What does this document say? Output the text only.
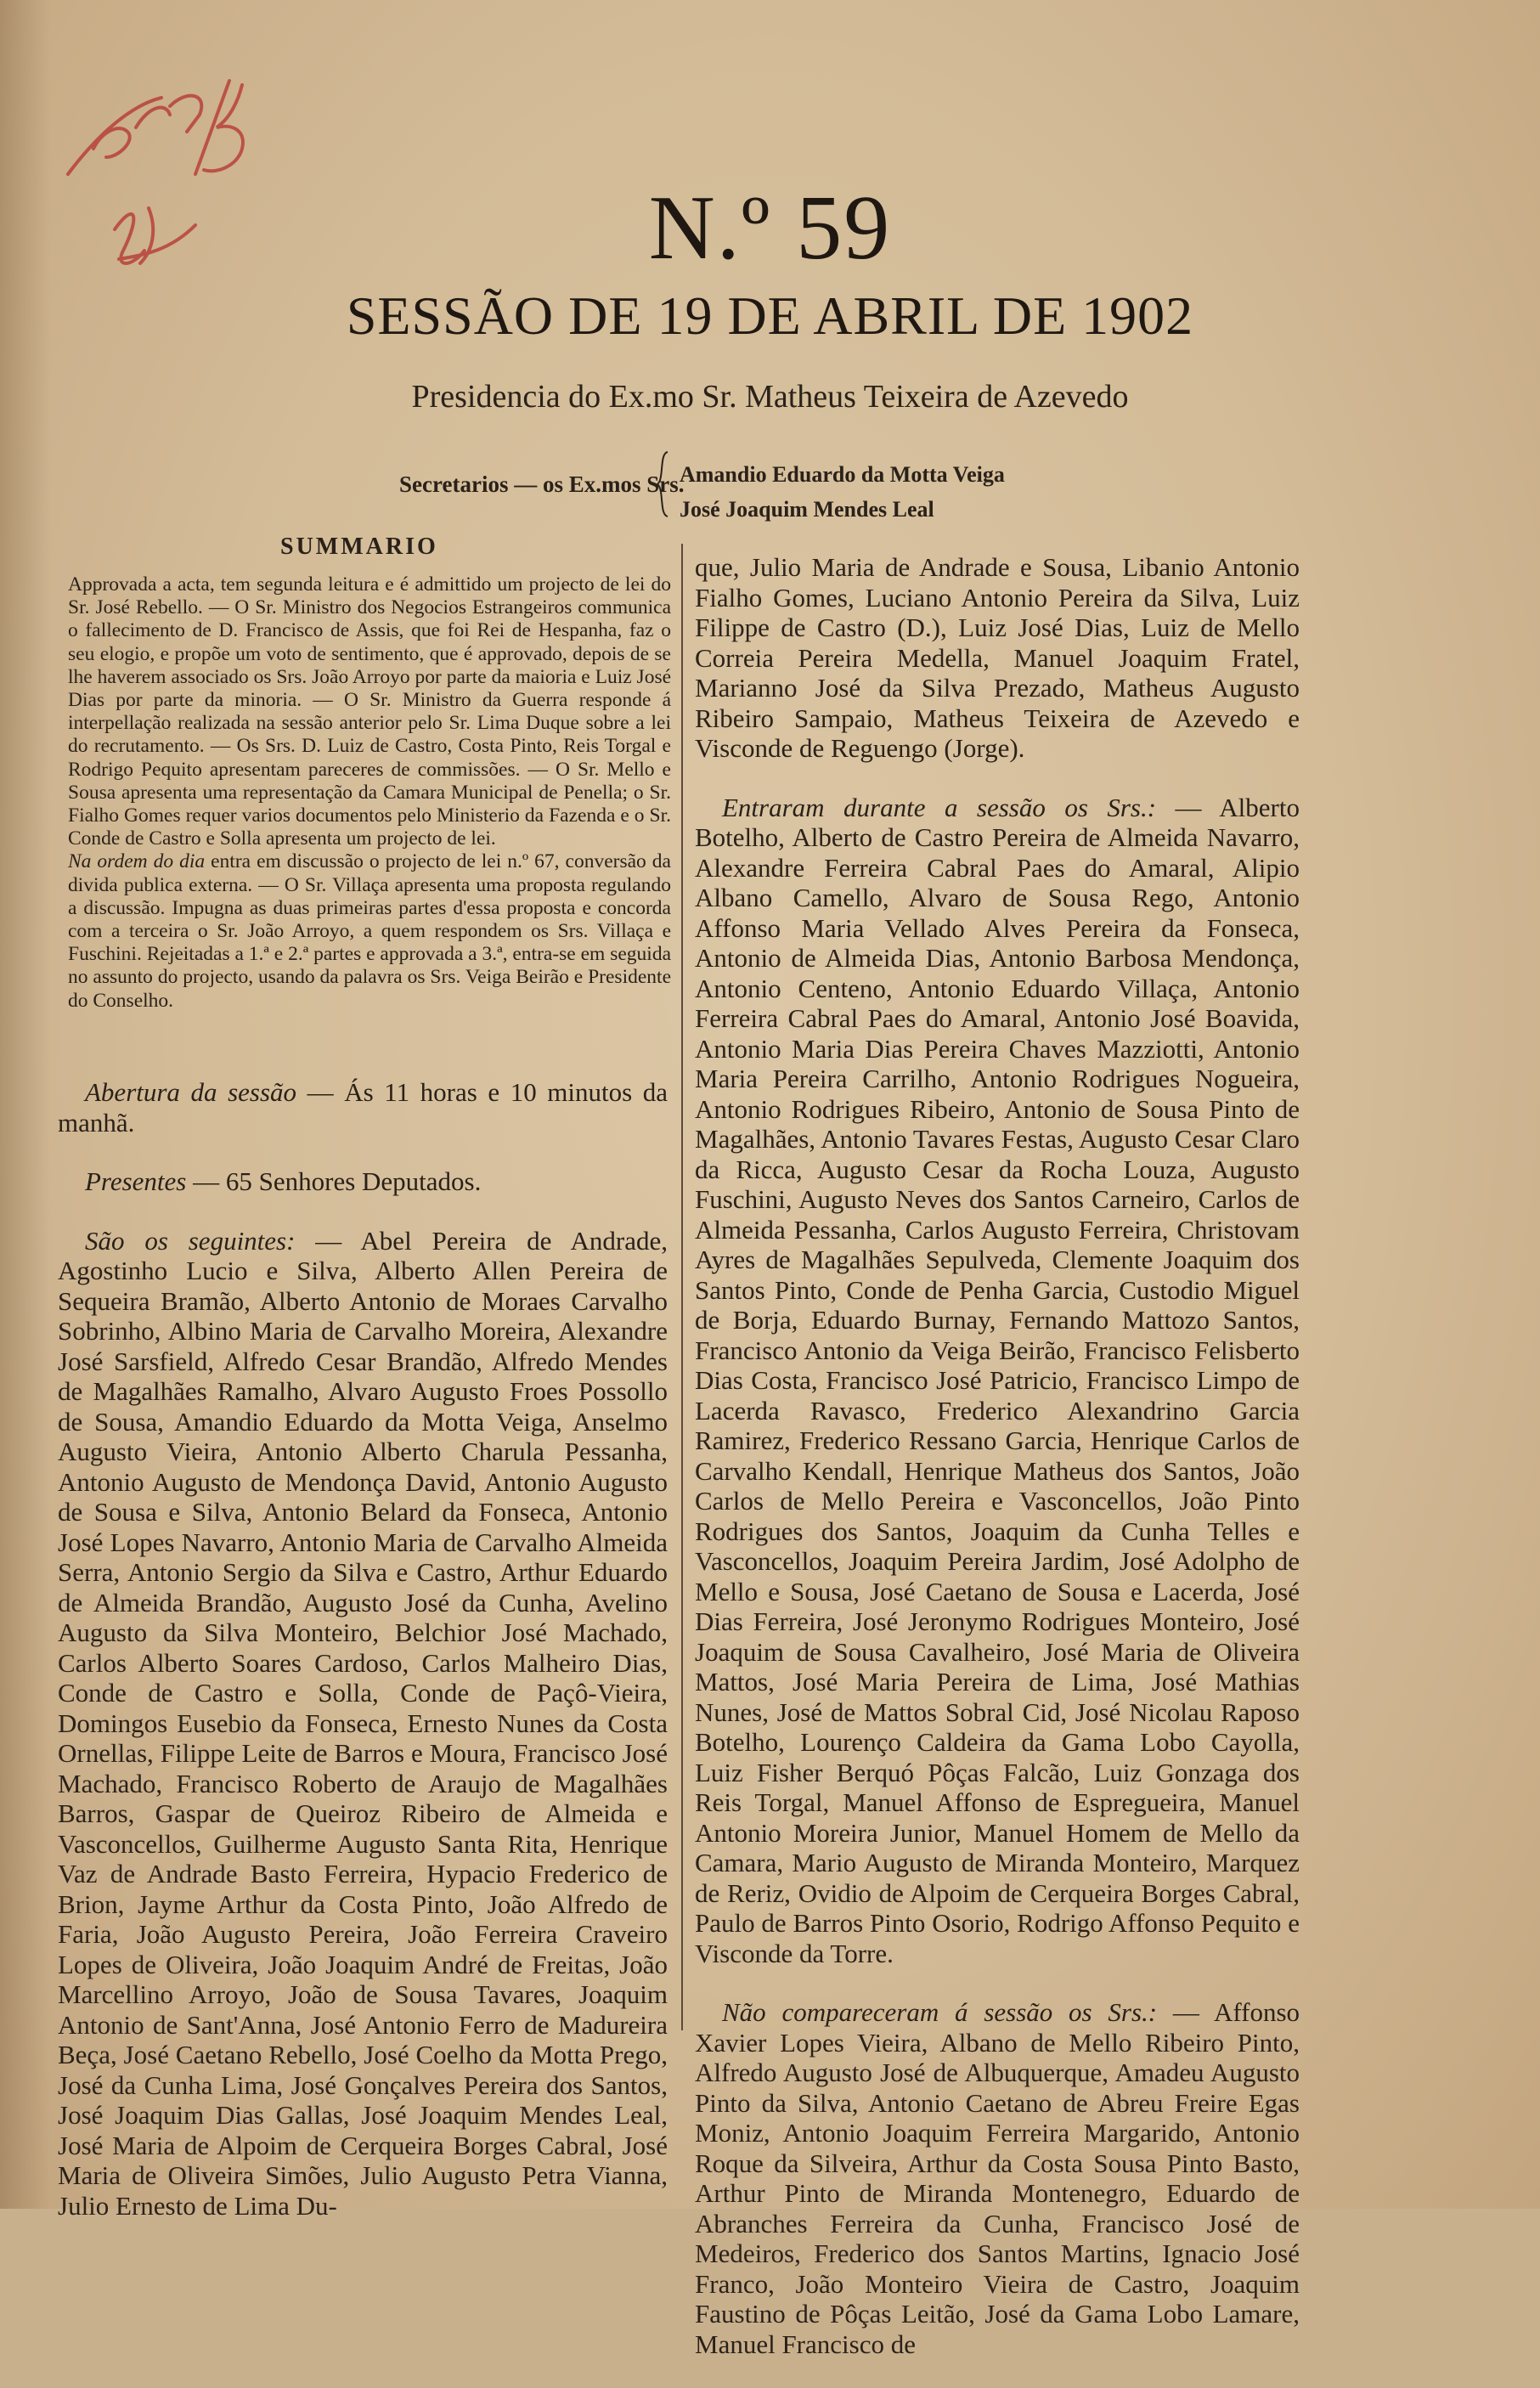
N.º 59
SESSÃO DE 19 DE ABRIL DE 1902
Presidencia do Ex.mo Sr. Matheus Teixeira de Azevedo
Secretarios — os Ex.mos Srs.
Amandio Eduardo da Motta Veiga
José Joaquim Mendes Leal
SUMMARIO

Approvada a acta, tem segunda leitura e é admittido um projecto de lei do Sr. José Rebello. — O Sr. Ministro dos Negocios Estrangeiros communica o fallecimento de D. Francisco de Assis, que foi Rei de Hespanha, faz o seu elogio, e propõe um voto de sentimento, que é approvado, depois de se lhe haverem associado os Srs. João Arroyo por parte da maioria e Luiz José Dias por parte da minoria. — O Sr. Ministro da Guerra responde á interpellação realizada na sessão anterior pelo Sr. Lima Duque sobre a lei do recrutamento. — Os Srs. D. Luiz de Castro, Costa Pinto, Reis Torgal e Rodrigo Pequito apresentam pareceres de commissões. — O Sr. Mello e Sousa apresenta uma representação da Camara Municipal de Penella; o Sr. Fialho Gomes requer varios documentos pelo Ministerio da Fazenda e o Sr. Conde de Castro e Solla apresenta um projecto de lei.

Na ordem do dia entra em discussão o projecto de lei n.º 67, conversão da divida publica externa. — O Sr. Villaça apresenta uma proposta regulando a discussão. Impugna as duas primeiras partes d'essa proposta e concorda com a terceira o Sr. João Arroyo, a quem respondem os Srs. Villaça e Fuschini. Rejeitadas a 1.ª e 2.ª partes e approvada a 3.ª, entra-se em seguida no assunto do projecto, usando da palavra os Srs. Veiga Beirão e Presidente do Conselho.

Abertura da sessão — Ás 11 horas e 10 minutos da manhã.

Presentes — 65 Senhores Deputados.

São os seguintes: — Abel Pereira de Andrade, Agostinho Lucio e Silva, Alberto Allen Pereira de Sequeira Bramão, Alberto Antonio de Moraes Carvalho Sobrinho, Albino Maria de Carvalho Moreira, Alexandre José Sarsfield, Alfredo Cesar Brandão, Alfredo Mendes de Magalhães Ramalho, Alvaro Augusto Froes Possollo de Sousa, Amandio Eduardo da Motta Veiga, Anselmo Augusto Vieira, Antonio Alberto Charula Pessanha, Antonio Augusto de Mendonça David, Antonio Augusto de Sousa e Silva, Antonio Belard da Fonseca, Antonio José Lopes Navarro, Antonio Maria de Carvalho Almeida Serra, Antonio Sergio da Silva e Castro, Arthur Eduardo de Almeida Brandão, Augusto José da Cunha, Avelino Augusto da Silva Monteiro, Belchior José Machado, Carlos Alberto Soares Cardoso, Carlos Malheiro Dias, Conde de Castro e Solla, Conde de Paçô-Vieira, Domingos Eusebio da Fonseca, Ernesto Nunes da Costa Ornellas, Filippe Leite de Barros e Moura, Francisco José Machado, Francisco Roberto de Araujo de Magalhães Barros, Gaspar de Queiroz Ribeiro de Almeida e Vasconcellos, Guilherme Augusto Santa Rita, Henrique Vaz de Andrade Basto Ferreira, Hypacio Frederico de Brion, Jayme Arthur da Costa Pinto, João Alfredo de Faria, João Augusto Pereira, João Ferreira Craveiro Lopes de Oliveira, João Joaquim André de Freitas, João Marcellino Arroyo, João de Sousa Tavares, Joaquim Antonio de Sant'Anna, José Antonio Ferro de Madureira Beça, José Caetano Rebello, José Coelho da Motta Prego, José da Cunha Lima, José Gonçalves Pereira dos Santos, José Joaquim Dias Gallas, José Joaquim Mendes Leal, José Maria de Alpoim de Cerqueira Borges Cabral, José Maria de Oliveira Simões, Julio Augusto Petra Vianna, Julio Ernesto de Lima Du-

que, Julio Maria de Andrade e Sousa, Libanio Antonio Fialho Gomes, Luciano Antonio Pereira da Silva, Luiz Filippe de Castro (D.), Luiz José Dias, Luiz de Mello Correia Pereira Medella, Manuel Joaquim Fratel, Marianno José da Silva Prezado, Matheus Augusto Ribeiro Sampaio, Matheus Teixeira de Azevedo e Visconde de Reguengo (Jorge).

Entraram durante a sessão os Srs.: — Alberto Botelho, Alberto de Castro Pereira de Almeida Navarro, Alexandre Ferreira Cabral Paes do Amaral, Alipio Albano Camello, Alvaro de Sousa Rego, Antonio Affonso Maria Vellado Alves Pereira da Fonseca, Antonio de Almeida Dias, Antonio Barbosa Mendonça, Antonio Centeno, Antonio Eduardo Villaça, Antonio Ferreira Cabral Paes do Amaral, Antonio José Boavida, Antonio Maria Dias Pereira Chaves Mazziotti, Antonio Maria Pereira Carrilho, Antonio Rodrigues Nogueira, Antonio Rodrigues Ribeiro, Antonio de Sousa Pinto de Magalhães, Antonio Tavares Festas, Augusto Cesar Claro da Ricca, Augusto Cesar da Rocha Louza, Augusto Fuschini, Augusto Neves dos Santos Carneiro, Carlos de Almeida Pessanha, Carlos Augusto Ferreira, Christovam Ayres de Magalhães Sepulveda, Clemente Joaquim dos Santos Pinto, Conde de Penha Garcia, Custodio Miguel de Borja, Eduardo Burnay, Fernando Mattozo Santos, Francisco Antonio da Veiga Beirão, Francisco Felisberto Dias Costa, Francisco José Patricio, Francisco Limpo de Lacerda Ravasco, Frederico Alexandrino Garcia Ramirez, Frederico Ressano Garcia, Henrique Carlos de Carvalho Kendall, Henrique Matheus dos Santos, João Carlos de Mello Pereira e Vasconcellos, João Pinto Rodrigues dos Santos, Joaquim da Cunha Telles e Vasconcellos, Joaquim Pereira Jardim, José Adolpho de Mello e Sousa, José Caetano de Sousa e Lacerda, José Dias Ferreira, José Jeronymo Rodrigues Monteiro, José Joaquim de Sousa Cavalheiro, José Maria de Oliveira Mattos, José Maria Pereira de Lima, José Mathias Nunes, José de Mattos Sobral Cid, José Nicolau Raposo Botelho, Lourenço Caldeira da Gama Lobo Cayolla, Luiz Fisher Berquó Pôças Falcão, Luiz Gonzaga dos Reis Torgal, Manuel Affonso de Espregueira, Manuel Antonio Moreira Junior, Manuel Homem de Mello da Camara, Mario Augusto de Miranda Monteiro, Marquez de Reriz, Ovidio de Alpoim de Cerqueira Borges Cabral, Paulo de Barros Pinto Osorio, Rodrigo Affonso Pequito e Visconde da Torre.

Não compareceram á sessão os Srs.: — Affonso Xavier Lopes Vieira, Albano de Mello Ribeiro Pinto, Alfredo Augusto José de Albuquerque, Amadeu Augusto Pinto da Silva, Antonio Caetano de Abreu Freire Egas Moniz, Antonio Joaquim Ferreira Margarido, Antonio Roque da Silveira, Arthur da Costa Sousa Pinto Basto, Arthur Pinto de Miranda Montenegro, Eduardo de Abranches Ferreira da Cunha, Francisco José de Medeiros, Frederico dos Santos Martins, Ignacio José Franco, João Monteiro Vieira de Castro, Joaquim Faustino de Pôças Leitão, José da Gama Lobo Lamare, Manuel Francisco de
